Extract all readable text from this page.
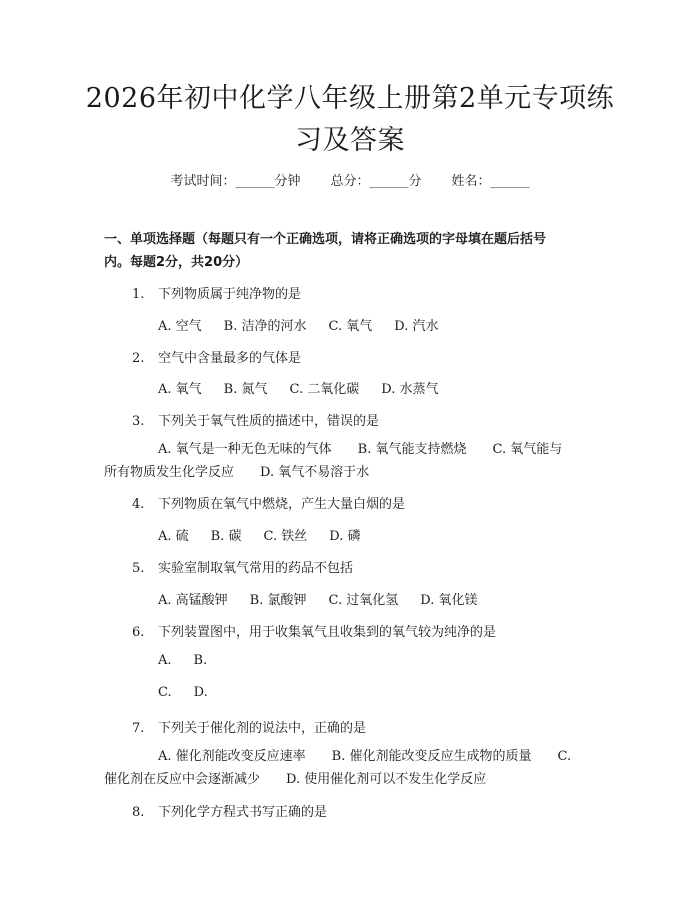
2026年初中化学八年级上册第2单元专项练
习及答案
考试时间：______分钟 总分：______分 姓名：______
一、单项选择题（每题只有一个正确选项，请将正确选项的字母填在题后括号
内。每题2分，共20分）
1. 下列物质属于纯净物的是
A. 空气 B. 洁净的河水 C. 氧气 D. 汽水
2. 空气中含量最多的气体是
A. 氧气 B. 氮气 C. 二氧化碳 D. 水蒸气
3. 下列关于氧气性质的描述中，错误的是
A. 氧气是一种无色无味的气体 B. 氧气能支持燃烧 C. 氧气能与
所有物质发生化学反应 D. 氧气不易溶于水
4. 下列物质在氧气中燃烧，产生大量白烟的是
A. 硫 B. 碳 C. 铁丝 D. 磷
5. 实验室制取氧气常用的药品不包括
A. 高锰酸钾 B. 氯酸钾 C. 过氧化氢 D. 氧化镁
6. 下列装置图中，用于收集氧气且收集到的氧气较为纯净的是
A. B.
C. D.
7. 下列关于催化剂的说法中，正确的是
A. 催化剂能改变反应速率 B. 催化剂能改变反应生成物的质量 C.
催化剂在反应中会逐渐减少 D. 使用催化剂可以不发生化学反应
8. 下列化学方程式书写正确的是
